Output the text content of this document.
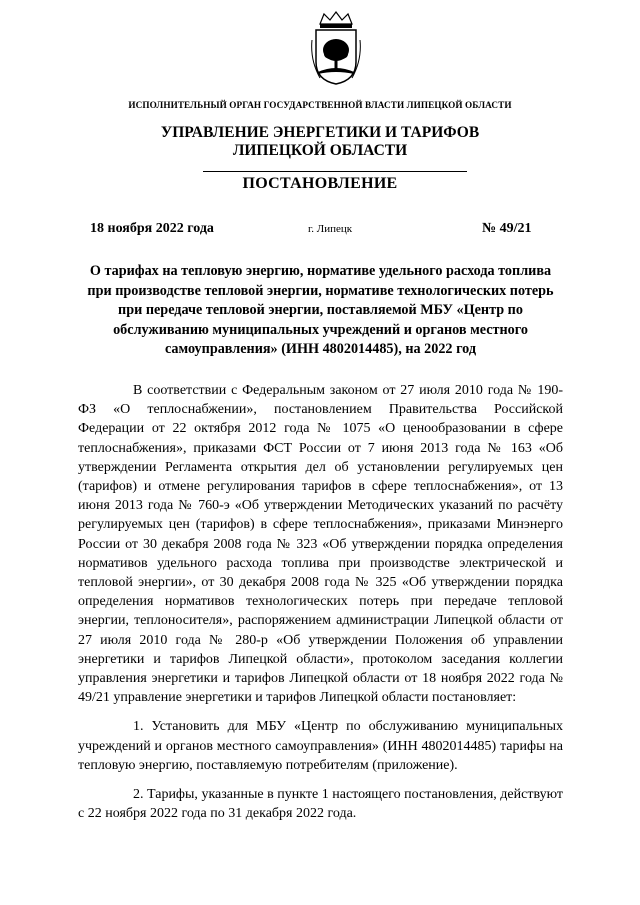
ИСПОЛНИТЕЛЬНЫЙ ОРГАН ГОСУДАРСТВЕННОЙ ВЛАСТИ ЛИПЕЦКОЙ ОБЛАСТИ
УПРАВЛЕНИЕ ЭНЕРГЕТИКИ И ТАРИФОВ
ЛИПЕЦКОЙ ОБЛАСТИ
ПОСТАНОВЛЕНИЕ
18 ноября 2022 года	г. Липецк	№ 49/21
О тарифах на тепловую энергию, нормативе удельного расхода топлива при производстве тепловой энергии, нормативе технологических потерь при передаче тепловой энергии, поставляемой МБУ «Центр по обслуживанию муниципальных учреждений и органов местного самоуправления» (ИНН 4802014485), на 2022 год

В соответствии с Федеральным законом от 27 июля 2010 года № 190-ФЗ «О теплоснабжении», постановлением Правительства Российской Федерации от 22 октября 2012 года № 1075 «О ценообразовании в сфере теплоснабжения», приказами ФСТ России от 7 июня 2013 года № 163 «Об утверждении Регламента открытия дел об установлении регулируемых цен (тарифов) и отмене регулирования тарифов в сфере теплоснабжения», от 13 июня 2013 года № 760-э «Об утверждении Методических указаний по расчёту регулируемых цен (тарифов) в сфере теплоснабжения», приказами Минэнерго России от 30 декабря 2008 года № 323 «Об утверждении порядка определения нормативов удельного расхода топлива при производстве электрической и тепловой энергии», от 30 декабря 2008 года № 325 «Об утверждении порядка определения нормативов технологических потерь при передаче тепловой энергии, теплоносителя», распоряжением администрации Липецкой области от 27 июля 2010 года № 280-р «Об утверждении Положения об управлении энергетики и тарифов Липецкой области», протоколом заседания коллегии управления энергетики и тарифов Липецкой области от 18 ноября 2022 года № 49/21 управление энергетики и тарифов Липецкой области постановляет:

1. Установить для МБУ «Центр по обслуживанию муниципальных учреждений и органов местного самоуправления» (ИНН 4802014485) тарифы на тепловую энергию, поставляемую потребителям (приложение).

2. Тарифы, указанные в пункте 1 настоящего постановления, действуют с 22 ноября 2022 года по 31 декабря 2022 года.
